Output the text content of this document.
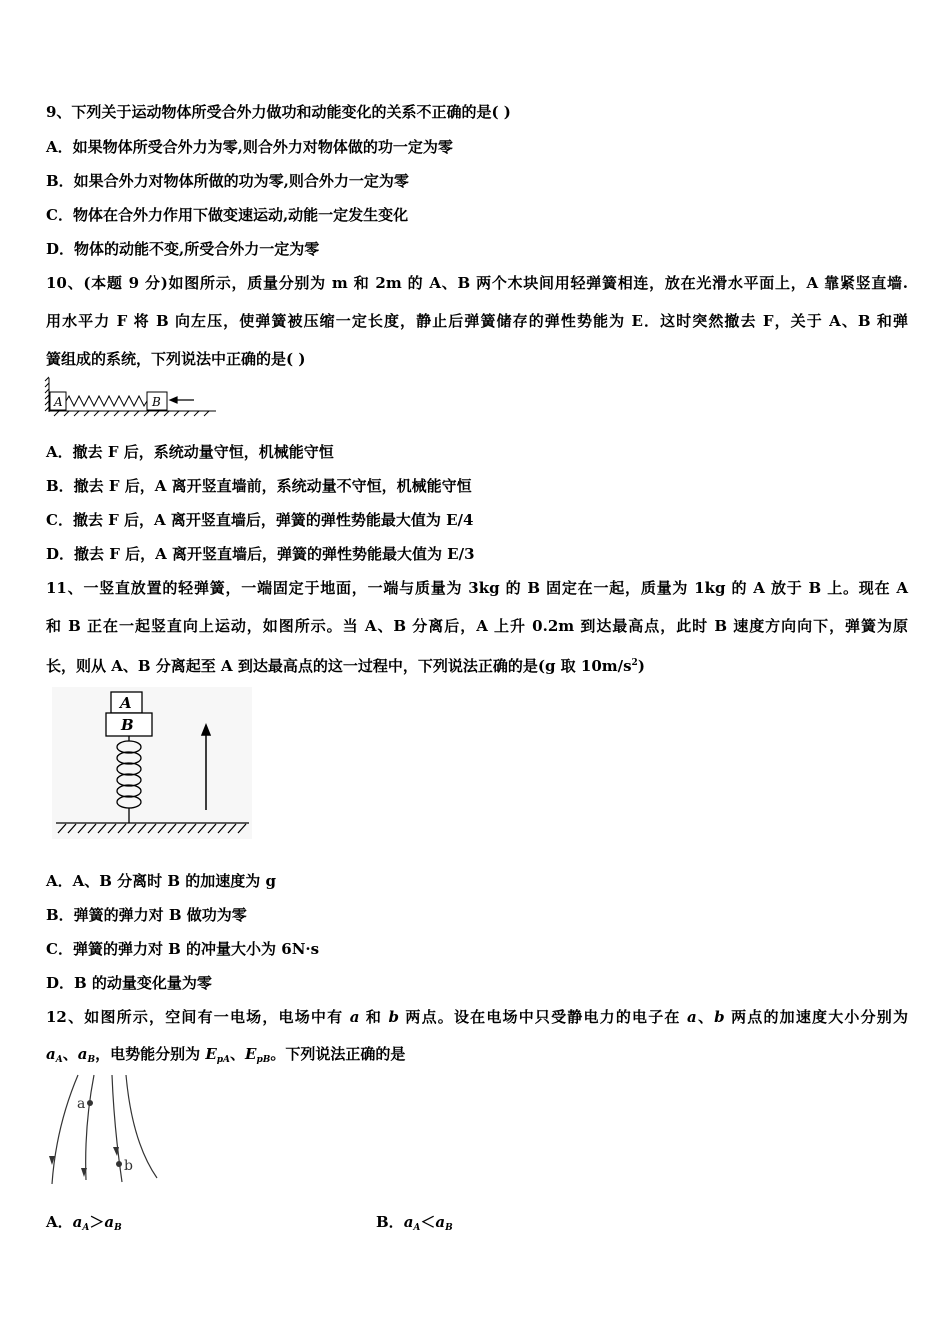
9、下列关于运动物体所受合外力做功和动能变化的关系不正确的是( )
A．如果物体所受合外力为零,则合外力对物体做的功一定为零
B．如果合外力对物体所做的功为零,则合外力一定为零
C．物体在合外力作用下做变速运动,动能一定发生变化
D．物体的动能不变,所受合外力一定为零
10、(本题 9 分)如图所示，质量分别为 m 和 2m 的 A、B 两个木块间用轻弹簧相连，放在光滑水平面上，A 靠紧竖直墙.
用水平力 F 将 B 向左压，使弹簧被压缩一定长度，静止后弹簧储存的弹性势能为 E．这时突然撤去 F，关于 A、B 和弹
簧组成的系统，下列说法中正确的是( )
A	B
A．撤去 F 后，系统动量守恒，机械能守恒
B．撤去 F 后，A 离开竖直墙前，系统动量不守恒，机械能守恒
C．撤去 F 后，A 离开竖直墙后，弹簧的弹性势能最大值为 E/4
D．撤去 F 后，A 离开竖直墙后，弹簧的弹性势能最大值为 E/3
11、一竖直放置的轻弹簧，一端固定于地面，一端与质量为 3kg 的 B 固定在一起，质量为 1kg 的 A 放于 B 上。现在 A
和 B 正在一起竖直向上运动，如图所示。当 A、B 分离后，A 上升 0.2m 到达最高点，此时 B 速度方向向下，弹簧为原
长，则从 A、B 分离起至 A 到达最高点的这一过程中，下列说法正确的是(g 取 $10m/s^2$)
A
B
A．A、B 分离时 B 的加速度为 g
B．弹簧的弹力对 B 做功为零
C．弹簧的弹力对 B 的冲量大小为 6N·s
D．B 的动量变化量为零
12、如图所示，空间有一电场，电场中有 a 和 b 两点。设在电场中只受静电力的电子在 a、b 两点的加速度大小分别为
$a_A$、$a_B$，电势能分别为 $E_{pA}$、$E_{pB}$。下列说法正确的是
a
b
A．$a_A>a_B$	B．$a_A<a_B$
